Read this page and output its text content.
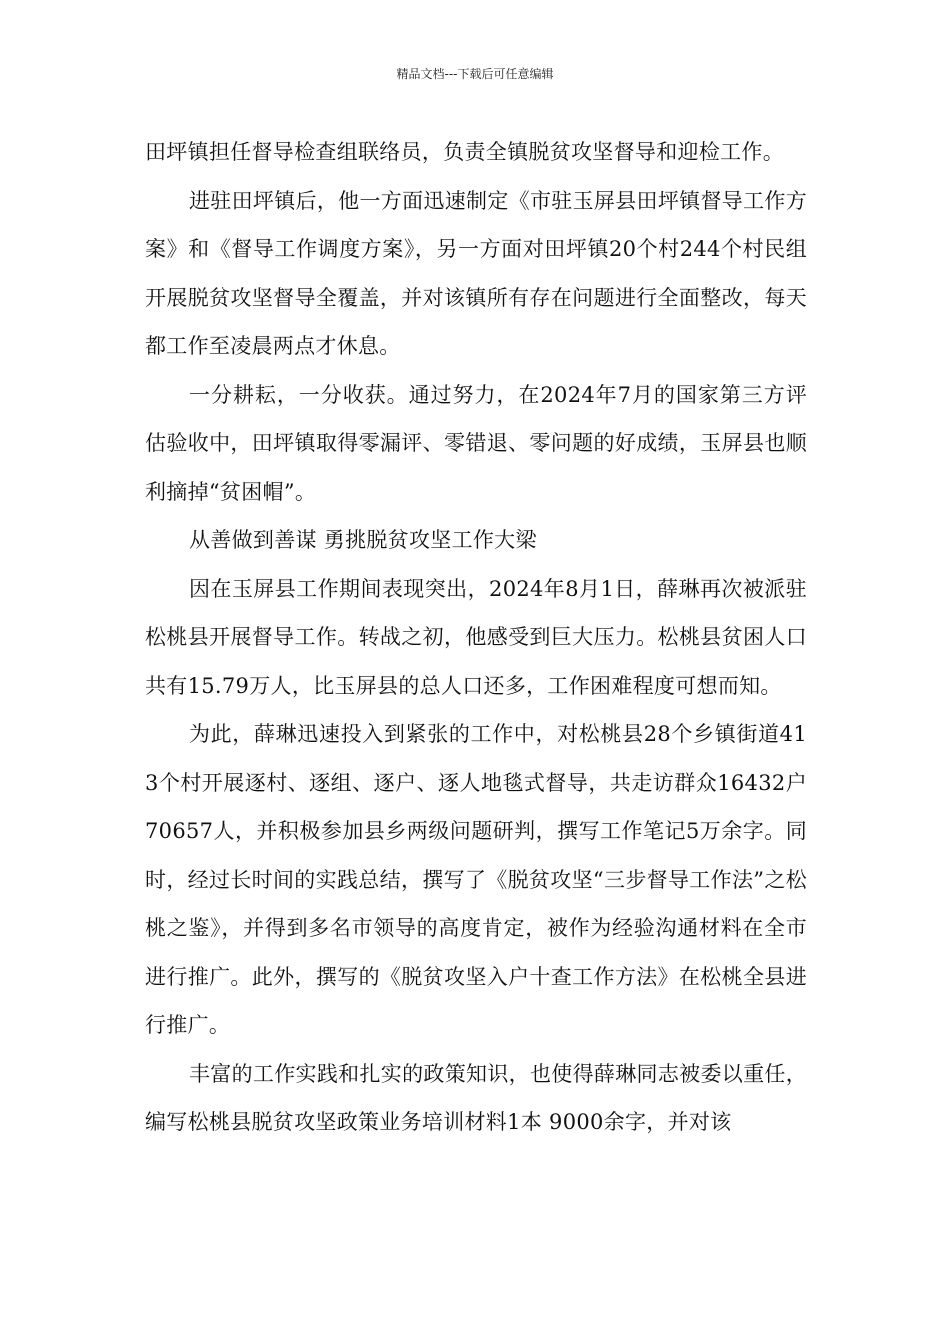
精品文档---下载后可任意编辑

田坪镇担任督导检查组联络员，负责全镇脱贫攻坚督导和迎检工作。

进驻田坪镇后，他一方面迅速制定《市驻玉屏县田坪镇督导工作方案》和《督导工作调度方案》，另一方面对田坪镇20个村244个村民组开展脱贫攻坚督导全覆盖，并对该镇所有存在问题进行全面整改，每天都工作至凌晨两点才休息。

一分耕耘，一分收获。通过努力，在2024年7月的国家第三方评估验收中，田坪镇取得零漏评、零错退、零问题的好成绩，玉屏县也顺利摘掉“贫困帽”。

从善做到善谋 勇挑脱贫攻坚工作大梁

因在玉屏县工作期间表现突出，2024年8月1日，薛琳再次被派驻松桃县开展督导工作。转战之初，他感受到巨大压力。松桃县贫困人口共有15.79万人，比玉屏县的总人口还多，工作困难程度可想而知。

为此，薛琳迅速投入到紧张的工作中，对松桃县28个乡镇街道413个村开展逐村、逐组、逐户、逐人地毯式督导，共走访群众16432户70657人，并积极参加县乡两级问题研判，撰写工作笔记5万余字。同时，经过长时间的实践总结，撰写了《脱贫攻坚“三步督导工作法”之松桃之鉴》，并得到多名市领导的高度肯定，被作为经验沟通材料在全市进行推广。此外，撰写的《脱贫攻坚入户十查工作方法》在松桃全县进行推广。

丰富的工作实践和扎实的政策知识，也使得薛琳同志被委以重任，编写松桃县脱贫攻坚政策业务培训材料1本 9000余字，并对该
